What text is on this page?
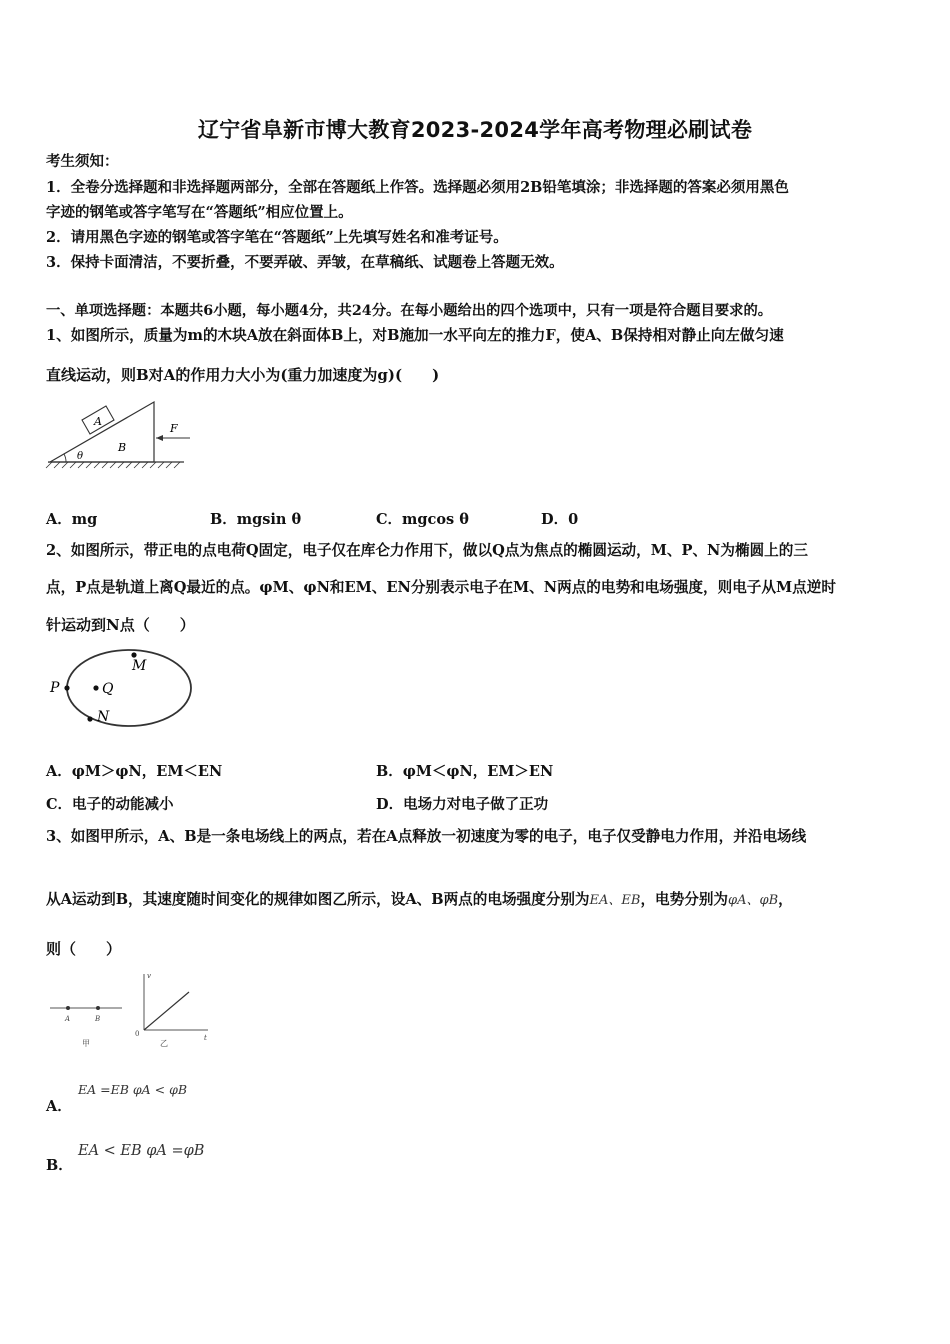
辽宁省阜新市博大教育2023-2024学年高考物理必刷试卷
考生须知：
1．全卷分选择题和非选择题两部分，全部在答题纸上作答。选择题必须用2B铅笔填涂；非选择题的答案必须用黑色
字迹的钢笔或答字笔写在“答题纸”相应位置上。
2．请用黑色字迹的钢笔或答字笔在“答题纸”上先填写姓名和准考证号。
3．保持卡面清洁，不要折叠，不要弄破、弄皱，在草稿纸、试题卷上答题无效。
一、单项选择题：本题共6小题，每小题4分，共24分。在每小题给出的四个选项中，只有一项是符合题目要求的。
1、如图所示，质量为m的木块A放在斜面体B上，对B施加一水平向左的推力F，使A、B保持相对静止向左做匀速
直线运动，则B对A的作用力大小为(重力加速度为g)(　　)
A
B
θ
F
A．mg	B．mgsin θ	C．mgcos θ	D．0
2、如图所示，带正电的点电荷Q固定，电子仅在库仑力作用下，做以Q点为焦点的椭圆运动，M、P、N为椭圆上的三
点，P点是轨道上离Q最近的点。φM、φN和EM、EN分别表示电子在M、N两点的电势和电场强度，则电子从M点逆时
针运动到N点（　　）
P	Q
M
N
A．φM＞φN，EM＜EN	B．φM＜φN，EM＞EN
C．电子的动能减小	D．电场力对电子做了正功
3、如图甲所示，A、B是一条电场线上的两点，若在A点释放一初速度为零的电子，电子仅受静电力作用，并沿电场线
从A运动到B，其速度随时间变化的规律如图乙所示，设A、B两点的电场强度分别为EA、EB，电势分别为φA、φB，
则（　　）
A	B
甲
v
t
0
乙
A．
EA =EB φA < φB
B．
EA < EB φA =φB
